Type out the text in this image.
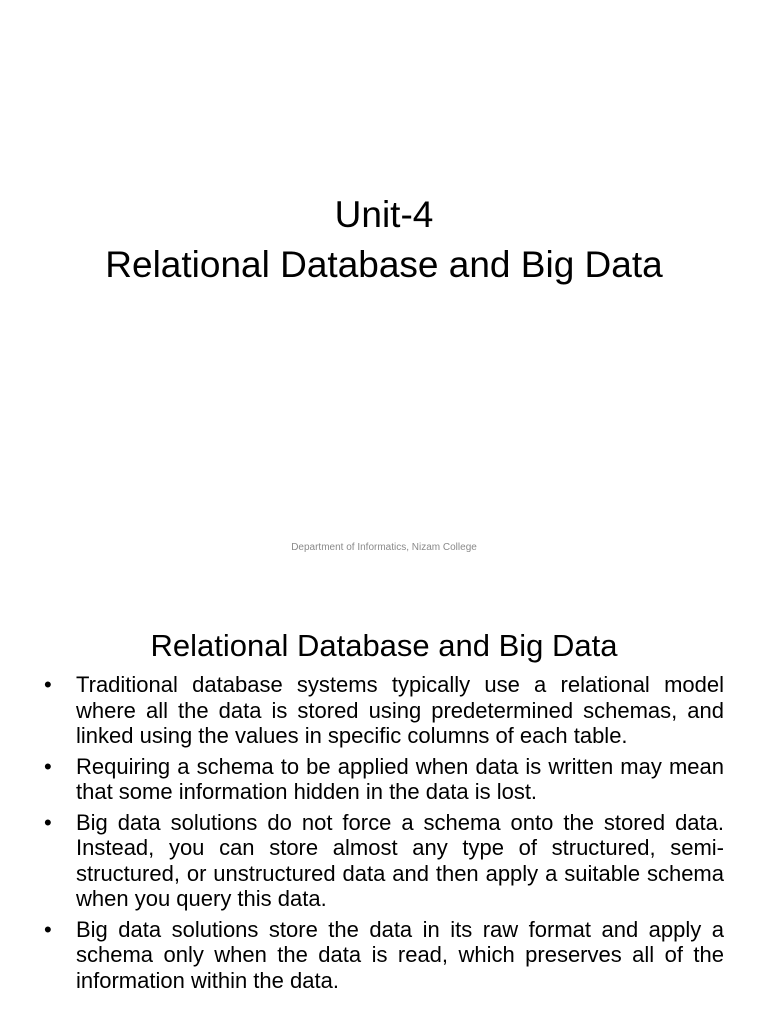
Unit-4
Relational Database and Big Data
Department of Informatics, Nizam College
Relational Database and Big Data
•	Traditional database systems typically use a relational model where all the data is stored using predetermined schemas, and linked using the values in specific columns of each table.
•	Requiring a schema to be applied when data is written may mean that some information hidden in the data is lost.
•	Big data solutions do not force a schema onto the stored data. Instead, you can store almost any type of structured, semi-structured, or unstructured data and then apply a suitable schema when you query this data.
•	Big data solutions store the data in its raw format and apply a schema only when the data is read, which preserves all of the information within the data.
